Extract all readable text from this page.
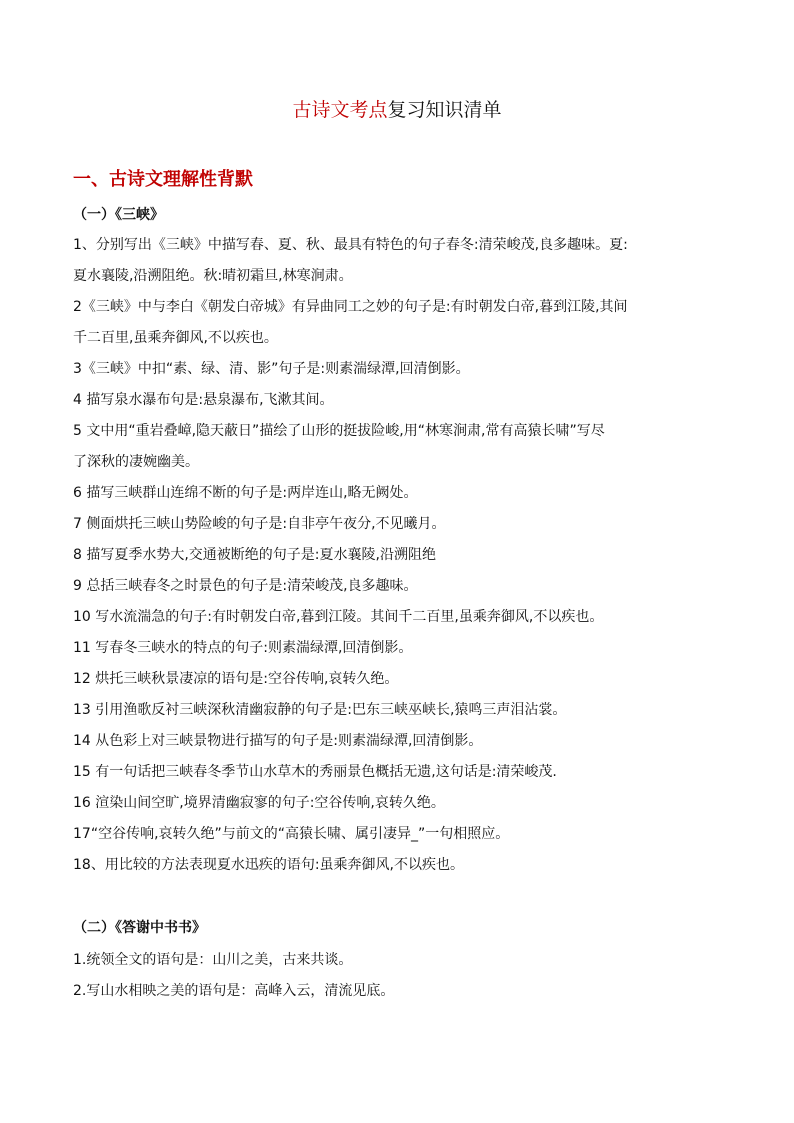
古诗文考点复习知识清单
一、古诗文理解性背默
（一）《三峡》
1、分别写出《三峡》中描写春、夏、秋、最具有特色的句子春冬:清荣峻茂,良多趣味。夏:
夏水襄陵,沿溯阻绝。秋:晴初霜旦,林寒涧肃。
2《三峡》中与李白《朝发白帝城》有异曲同工之妙的句子是:有时朝发白帝,暮到江陵,其间
千二百里,虽乘奔御风,不以疾也。
3《三峡》中扣“素、绿、清、影”句子是:则素湍绿潭,回清倒影。
4 描写泉水瀑布句是:悬泉瀑布,飞漱其间。
5 文中用“重岩叠嶂,隐天蔽日”描绘了山形的挺拔险峻,用“林寒涧肃,常有高猿长啸”写尽
了深秋的凄婉幽美。
6 描写三峡群山连绵不断的句子是:两岸连山,略无阙处。
7 侧面烘托三峡山势险峻的句子是:自非亭午夜分,不见曦月。
8 描写夏季水势大,交通被断绝的句子是:夏水襄陵,沿溯阻绝
9 总括三峡春冬之时景色的句子是:清荣峻茂,良多趣味。
10 写水流湍急的句子:有时朝发白帝,暮到江陵。其间千二百里,虽乘奔御风,不以疾也。
11 写春冬三峡水的特点的句子:则素湍绿潭,回清倒影。
12 烘托三峡秋景凄凉的语句是:空谷传响,哀转久绝。
13 引用渔歌反衬三峡深秋清幽寂静的句子是:巴东三峡巫峡长,猿鸣三声泪沾裳。
14 从色彩上对三峡景物进行描写的句子是:则素湍绿潭,回清倒影。
15 有一句话把三峡春冬季节山水草木的秀丽景色概括无遗,这句话是:清荣峻茂.
16 渲染山间空旷,境界清幽寂寥的句子:空谷传响,哀转久绝。
17“空谷传响,哀转久绝”与前文的“高猿长啸、属引凄异_”一句相照应。
18、用比较的方法表现夏水迅疾的语句:虽乘奔御风,不以疾也。
（二）《答谢中书书》
1.统领全文的语句是：山川之美，古来共谈。
2.写山水相映之美的语句是：高峰入云，清流见底。
